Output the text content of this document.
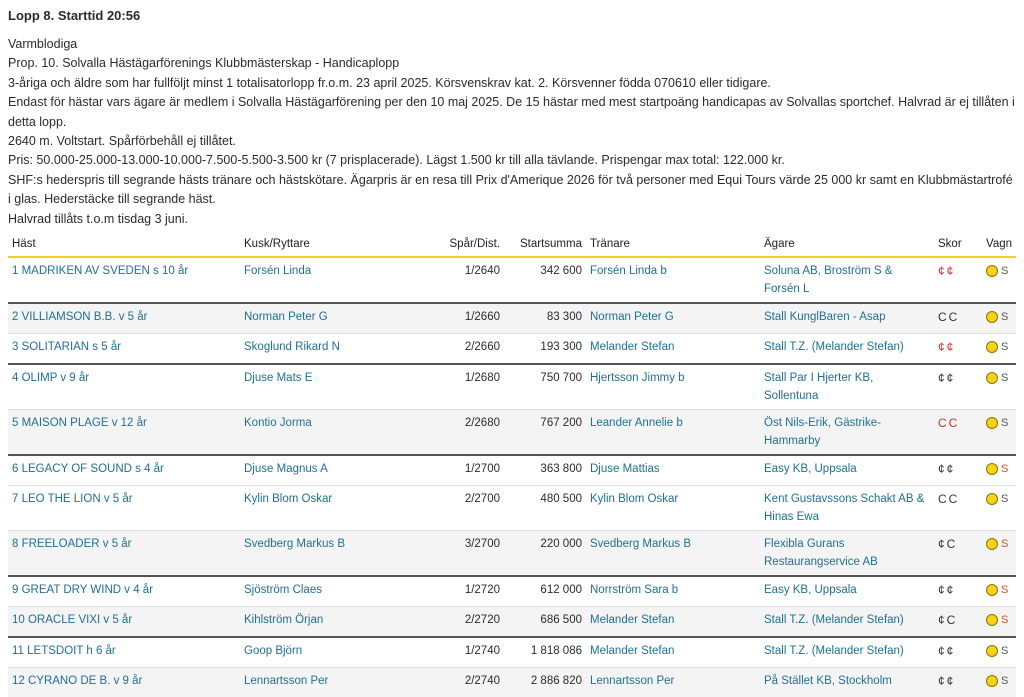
Lopp 8. Starttid 20:56

Varmblodiga

Prop. 10. Solvalla Hästägarförenings Klubbmästerskap - Handicaplopp

3-åriga och äldre som har fullföljt minst 1 totalisatorlopp fr.o.m. 23 april 2025. Körsvenskrav kat. 2. Körsvenner födda 070610 eller tidigare.

Endast för hästar vars ägare är medlem i Solvalla Hästägarförening per den 10 maj 2025. De 15 hästar med mest startpoäng handicapas av Solvallas sportchef. Halvrad är ej tillåten i detta lopp.

2640 m. Voltstart. Spårförbehåll ej tillåtet.

Pris: 50.000-25.000-13.000-10.000-7.500-5.500-3.500 kr (7 prisplacerade). Lägst 1.500 kr till alla tävlande. Prispengar max total: 122.000 kr.

SHF:s hederspris till segrande hästs tränare och hästskötare. Ägarpris är en resa till Prix d'Amerique 2026 för två personer med Equi Tours värde 25 000 kr samt en Klubbmästartrofé i glas. Hederstäcke till segrande häst.

Halvrad tillåts t.o.m tisdag 3 juni.

Häst	Kusk/Ryttare	Spår/Dist.	Startsumma	Tränare	Ägare	Skor	Vagn
1 MADRIKEN AV SVEDEN s 10 år	Forsén Linda	1/2640	342 600	Forsén Linda b	Soluna AB, Broström S & Forsén L	¢¢	S

2 VILLIAMSON B.B. v 5 år	Norman Peter G	1/2660	83 300	Norman Peter G	Stall KunglBaren - Asap	CC	S

3 SOLITARIAN s 5 år	Skoglund Rikard N	2/2660	193 300	Melander Stefan	Stall T.Z. (Melander Stefan)	¢¢	S

4 OLIMP v 9 år	Djuse Mats E	1/2680	750 700	Hjertsson Jimmy b	Stall Par I Hjerter KB, Sollentuna	¢¢	S

5 MAISON PLAGE v 12 år	Kontio Jorma	2/2680	767 200	Leander Annelie b	Öst Nils-Erik, Gästrike-Hammarby	CC	S

6 LEGACY OF SOUND s 4 år	Djuse Magnus A	1/2700	363 800	Djuse Mattias	Easy KB, Uppsala	¢¢	S

7 LEO THE LION v 5 år	Kylin Blom Oskar	2/2700	480 500	Kylin Blom Oskar	Kent Gustavssons Schakt AB & Hinas Ewa	CC	S

8 FREELOADER v 5 år	Svedberg Markus B	3/2700	220 000	Svedberg Markus B	Flexibla Gurans Restaurangservice AB	¢C	S

9 GREAT DRY WIND v 4 år	Sjöström Claes	1/2720	612 000	Norrström Sara b	Easy KB, Uppsala	¢¢	S

10 ORACLE VIXI v 5 år	Kihlström Örjan	2/2720	686 500	Melander Stefan	Stall T.Z. (Melander Stefan)	¢C	S

11 LETSDOIT h 6 år	Goop Björn	1/2740	1 818 086	Melander Stefan	Stall T.Z. (Melander Stefan)	¢¢	S

12 CYRANO DE B. v 9 år	Lennartsson Per	2/2740	2 886 820	Lennartsson Per	På Stället KB, Stockholm	¢¢	S
